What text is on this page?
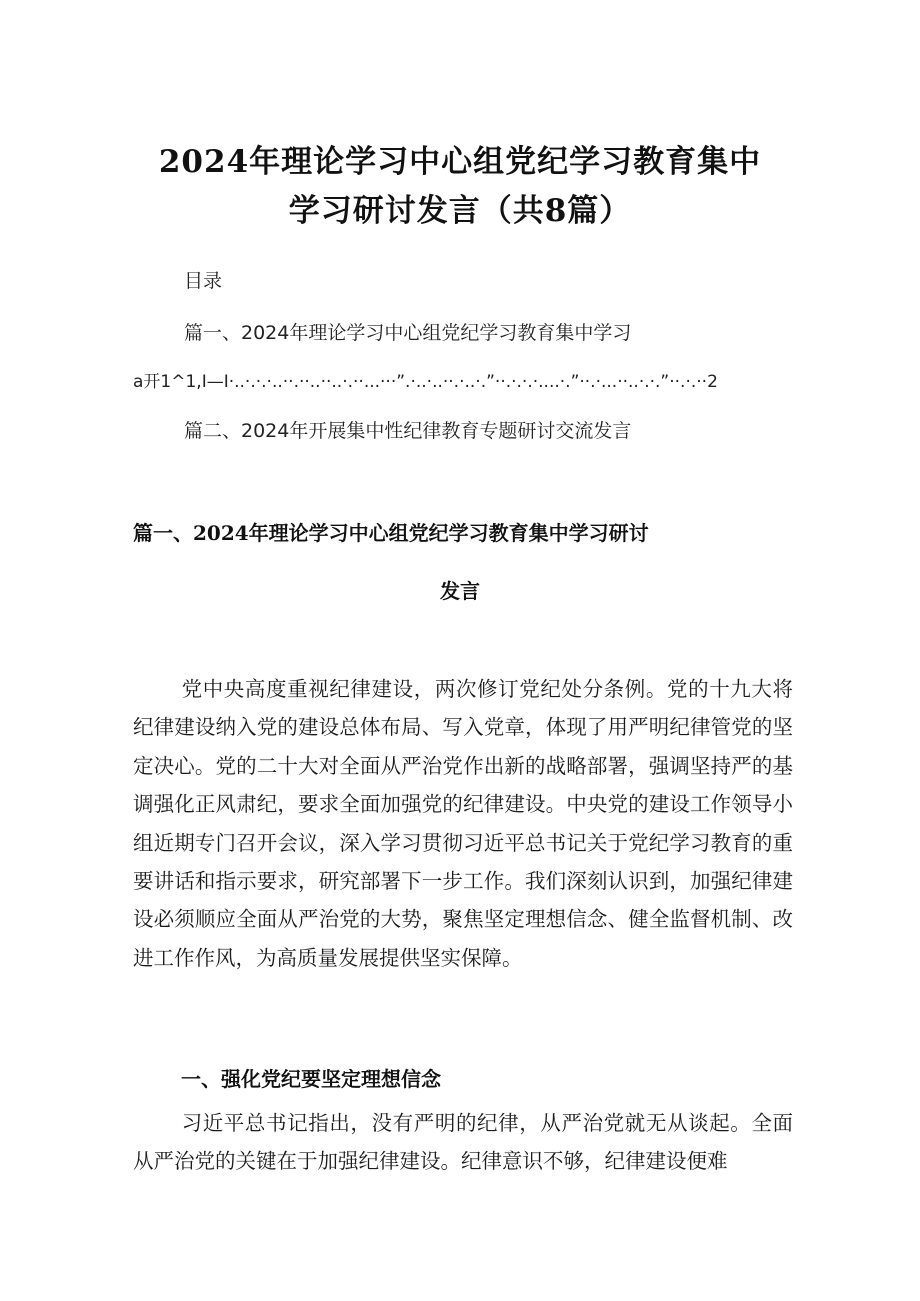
2024年理论学习中心组党纪学习教育集中
学习研讨发言（共8篇）
目录
篇一、2024年理论学习中心组党纪学习教育集中学习
a开1^1,I—I·..·.·.·..··.··..··..·.··...···”.·..·..··.·..·.”··.·.·.·....·.”··.·...··..·.·.”··.·.··2
篇二、2024年开展集中性纪律教育专题研讨交流发言
篇一、2024年理论学习中心组党纪学习教育集中学习研讨
发言

党中央高度重视纪律建设，两次修订党纪处分条例。党的十九大将纪律建设纳入党的建设总体布局、写入党章，体现了用严明纪律管党的坚定决心。党的二十大对全面从严治党作出新的战略部署，强调坚持严的基调强化正风肃纪，要求全面加强党的纪律建设。中央党的建设工作领导小组近期专门召开会议，深入学习贯彻习近平总书记关于党纪学习教育的重要讲话和指示要求，研究部署下一步工作。我们深刻认识到，加强纪律建设必须顺应全面从严治党的大势，聚焦坚定理想信念、健全监督机制、改进工作作风，为高质量发展提供坚实保障。

一、强化党纪要坚定理想信念

习近平总书记指出，没有严明的纪律，从严治党就无从谈起。全面从严治党的关键在于加强纪律建设。纪律意识不够，纪律建设便难
